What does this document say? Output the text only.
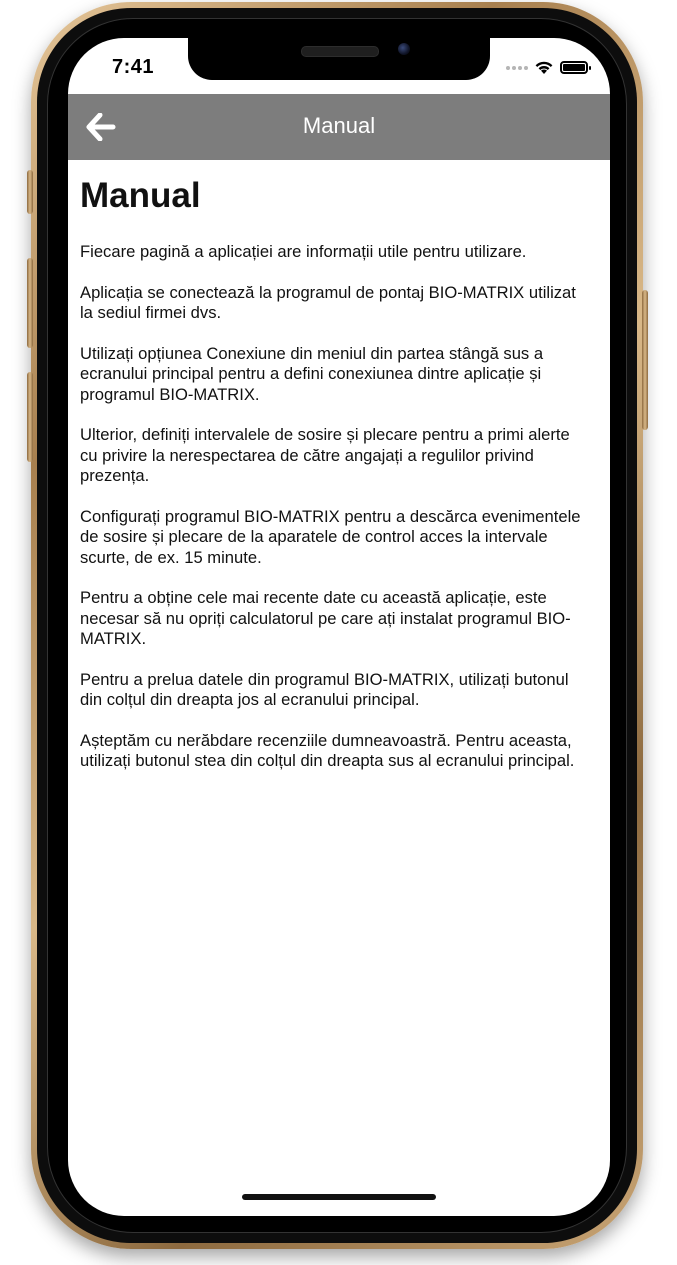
7:41
Manual
Manual

Fiecare pagină a aplicației are informații utile pentru utilizare.

Aplicația se conectează la programul de pontaj BIO-MATRIX utilizat la sediul firmei dvs.

Utilizați opțiunea Conexiune din meniul din partea stângă sus a ecranului principal pentru a defini conexiunea dintre aplicație și programul BIO-MATRIX.

Ulterior, definiți intervalele de sosire și plecare pentru a primi alerte cu privire la nerespectarea de către angajați a regulilor privind prezența.

Configurați programul BIO-MATRIX pentru a descărca evenimentele de sosire și plecare de la aparatele de control acces la intervale scurte, de ex. 15 minute.

Pentru a obține cele mai recente date cu această aplicație, este necesar să nu opriți calculatorul pe care ați instalat programul BIO-MATRIX.

Pentru a prelua datele din programul BIO-MATRIX, utilizați butonul din colțul din dreapta jos al ecranului principal.

Așteptăm cu nerăbdare recenziile dumneavoastră. Pentru aceasta, utilizați butonul stea din colțul din dreapta sus al ecranului principal.
